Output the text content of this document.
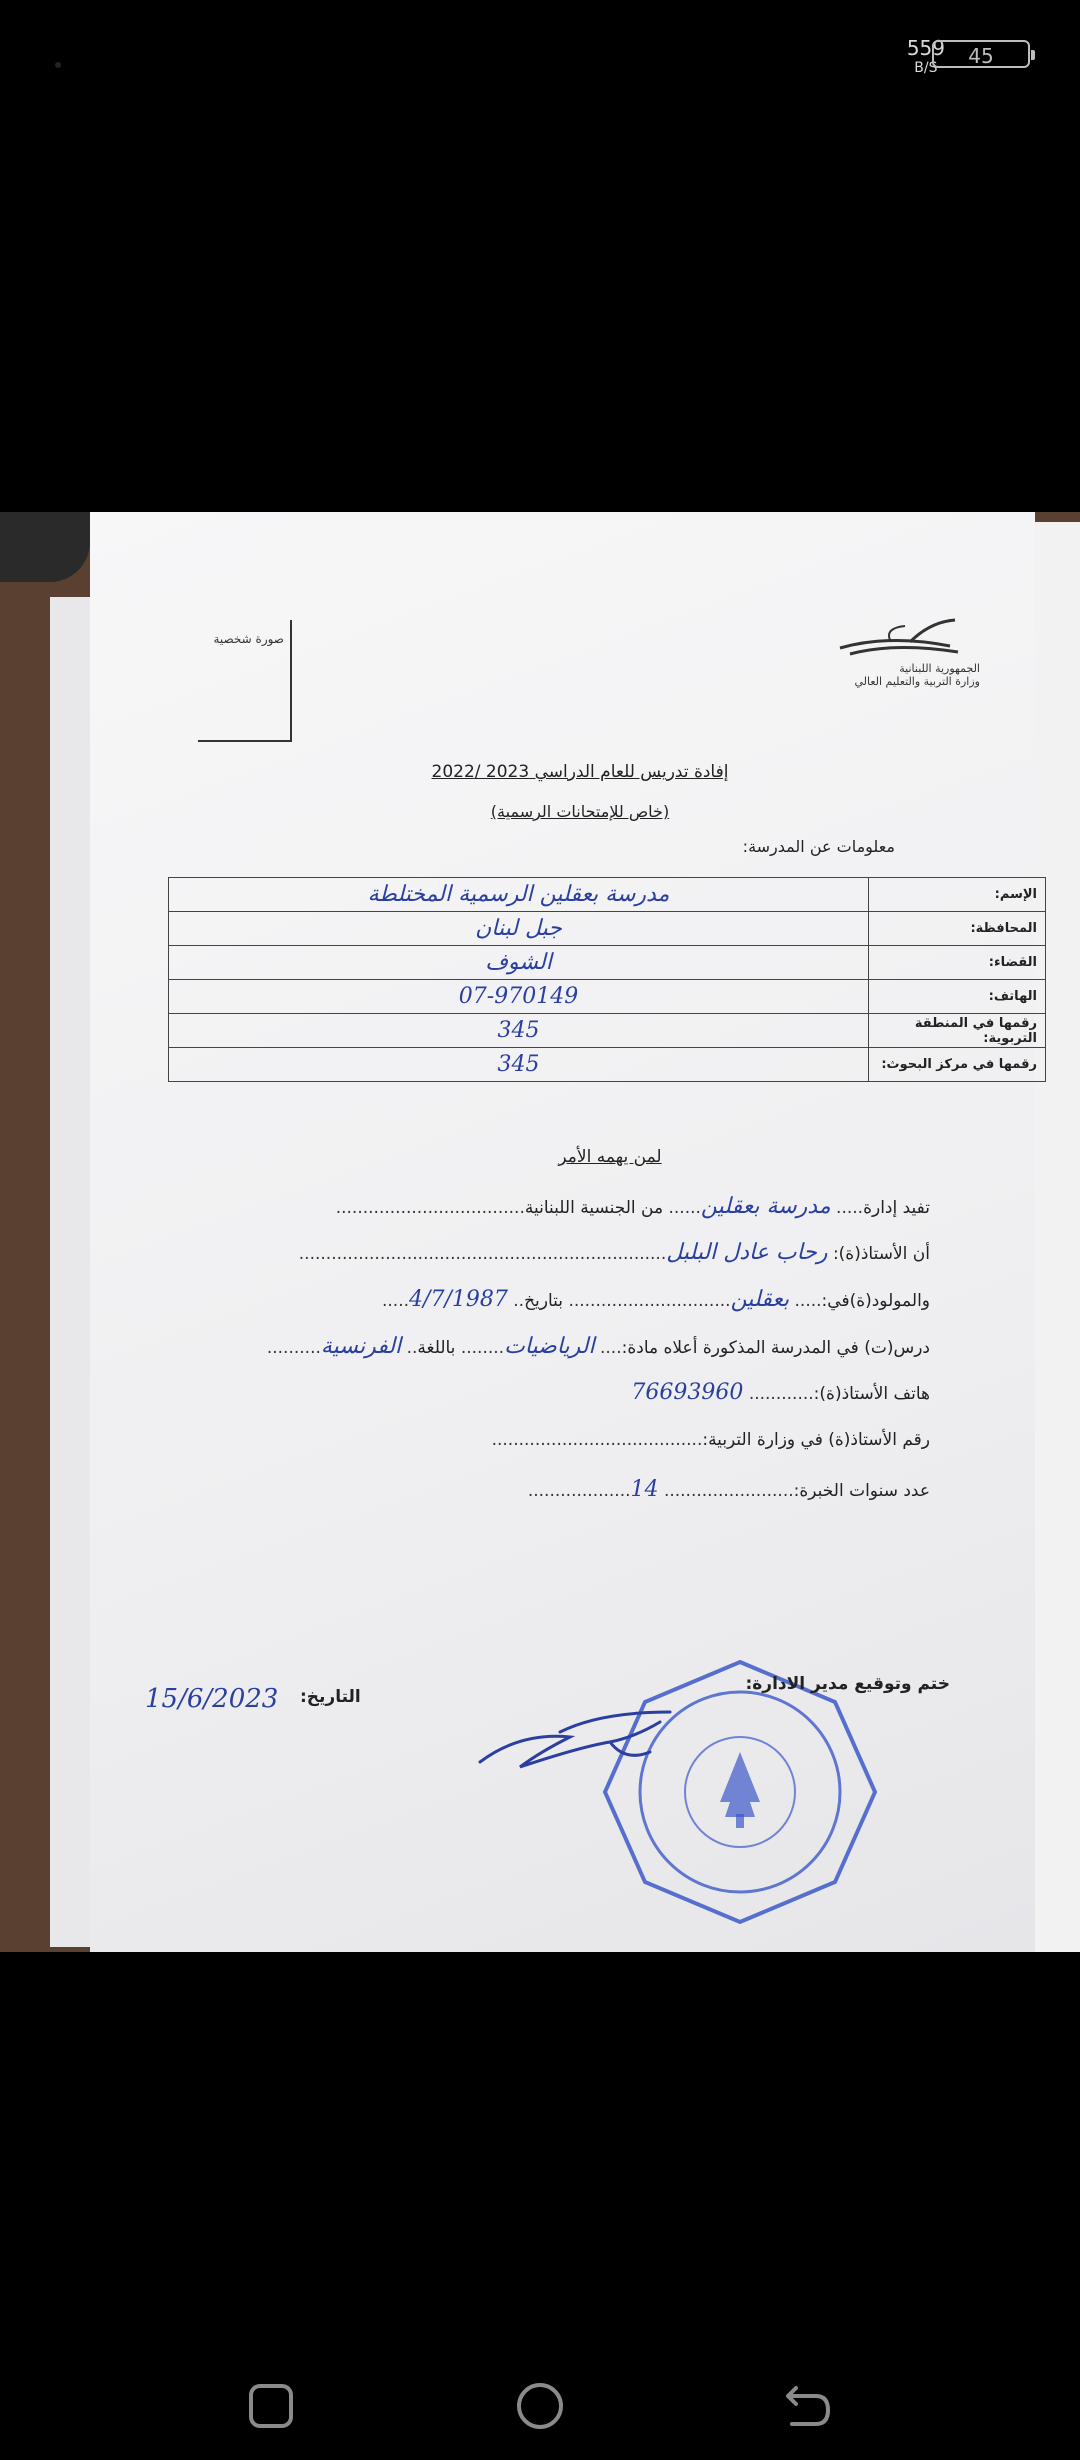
559
B/S	45
صورة شخصية
الجمهورية اللبنانية
وزارة التربية والتعليم العالي
إفادة تدريس للعام الدراسي 2023 /2022
(خاص للإمتحانات الرسمية)
معلومات عن المدرسة:
الإسم:	مدرسة بعقلين الرسمية المختلطة
المحافظة:	جبل لبنان
القضاء:	الشوف
الهاتف:	07-970149
رقمها في المنطقة التربوية:	345
رقمها في مركز البحوث:	345
لمن يهمه الأمر
تفيد إدارة..... مدرسة بعقلين...... من الجنسية اللبنانية...................................
أن الأستاذ(ة): رحاب عادل البلبل....................................................................
والمولود(ة)في:..... بعقلين.............................. بتاريخ.. 4/7/1987.....
درس(ت) في المدرسة المذكورة أعلاه مادة:.... الرياضيات........ باللغة.. الفرنسية..........
هاتف الأستاذ(ة):............ 76693960
رقم الأستاذ(ة) في وزارة التربية:.......................................
عدد سنوات الخبرة:........................ 14...................
ختم وتوقيع مدير الادارة:
التاريخ:
15/6/2023
